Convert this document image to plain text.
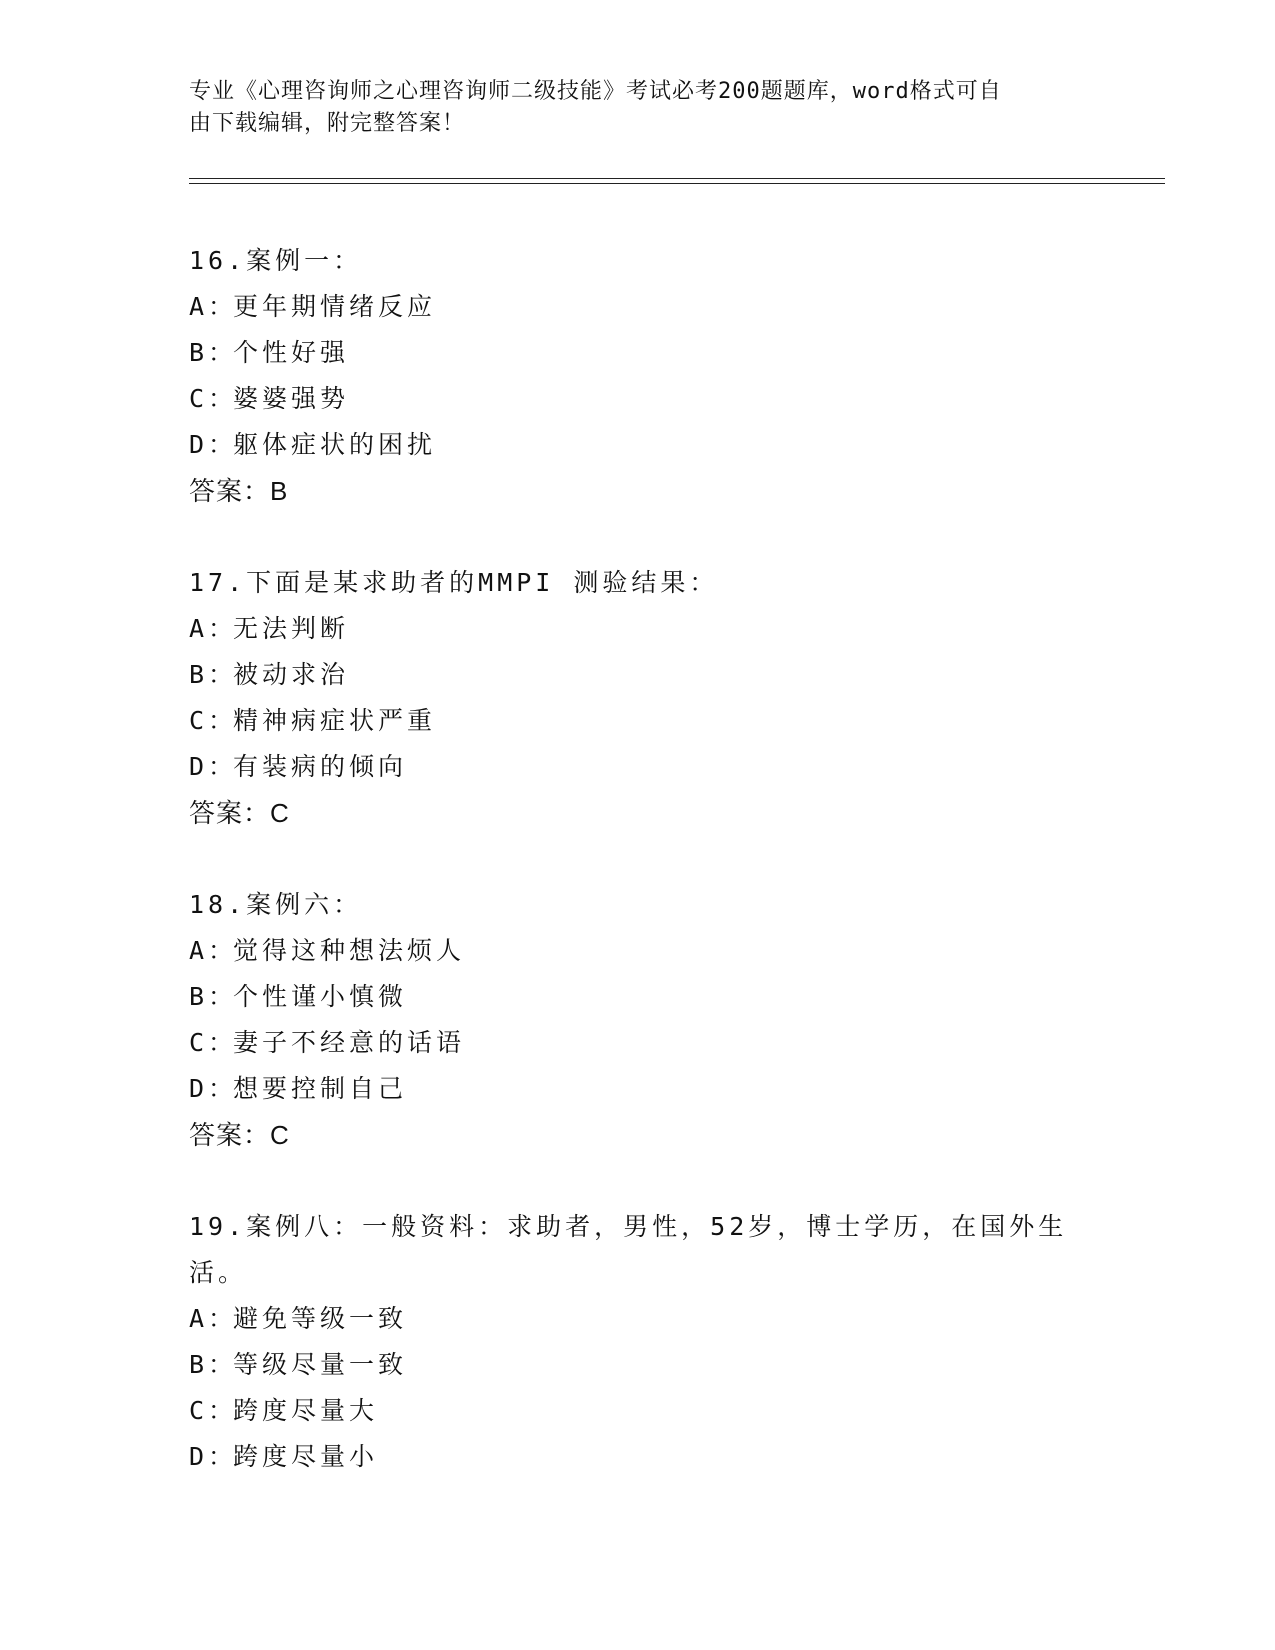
专业《心理咨询师之心理咨询师二级技能》考试必考200题题库，word格式可自
由下载编辑，附完整答案！
16.案例一：
A：更年期情绪反应
B：个性好强
C：婆婆强势
D：躯体症状的困扰
答案：B
17.下面是某求助者的MMPI 测验结果：
A：无法判断
B：被动求治
C：精神病症状严重
D：有装病的倾向
答案：C
18.案例六：
A：觉得这种想法烦人
B：个性谨小慎微
C：妻子不经意的话语
D：想要控制自己
答案：C
19.案例八：一般资料：求助者，男性，52岁，博士学历，在国外生活。
A：避免等级一致
B：等级尽量一致
C：跨度尽量大
D：跨度尽量小
